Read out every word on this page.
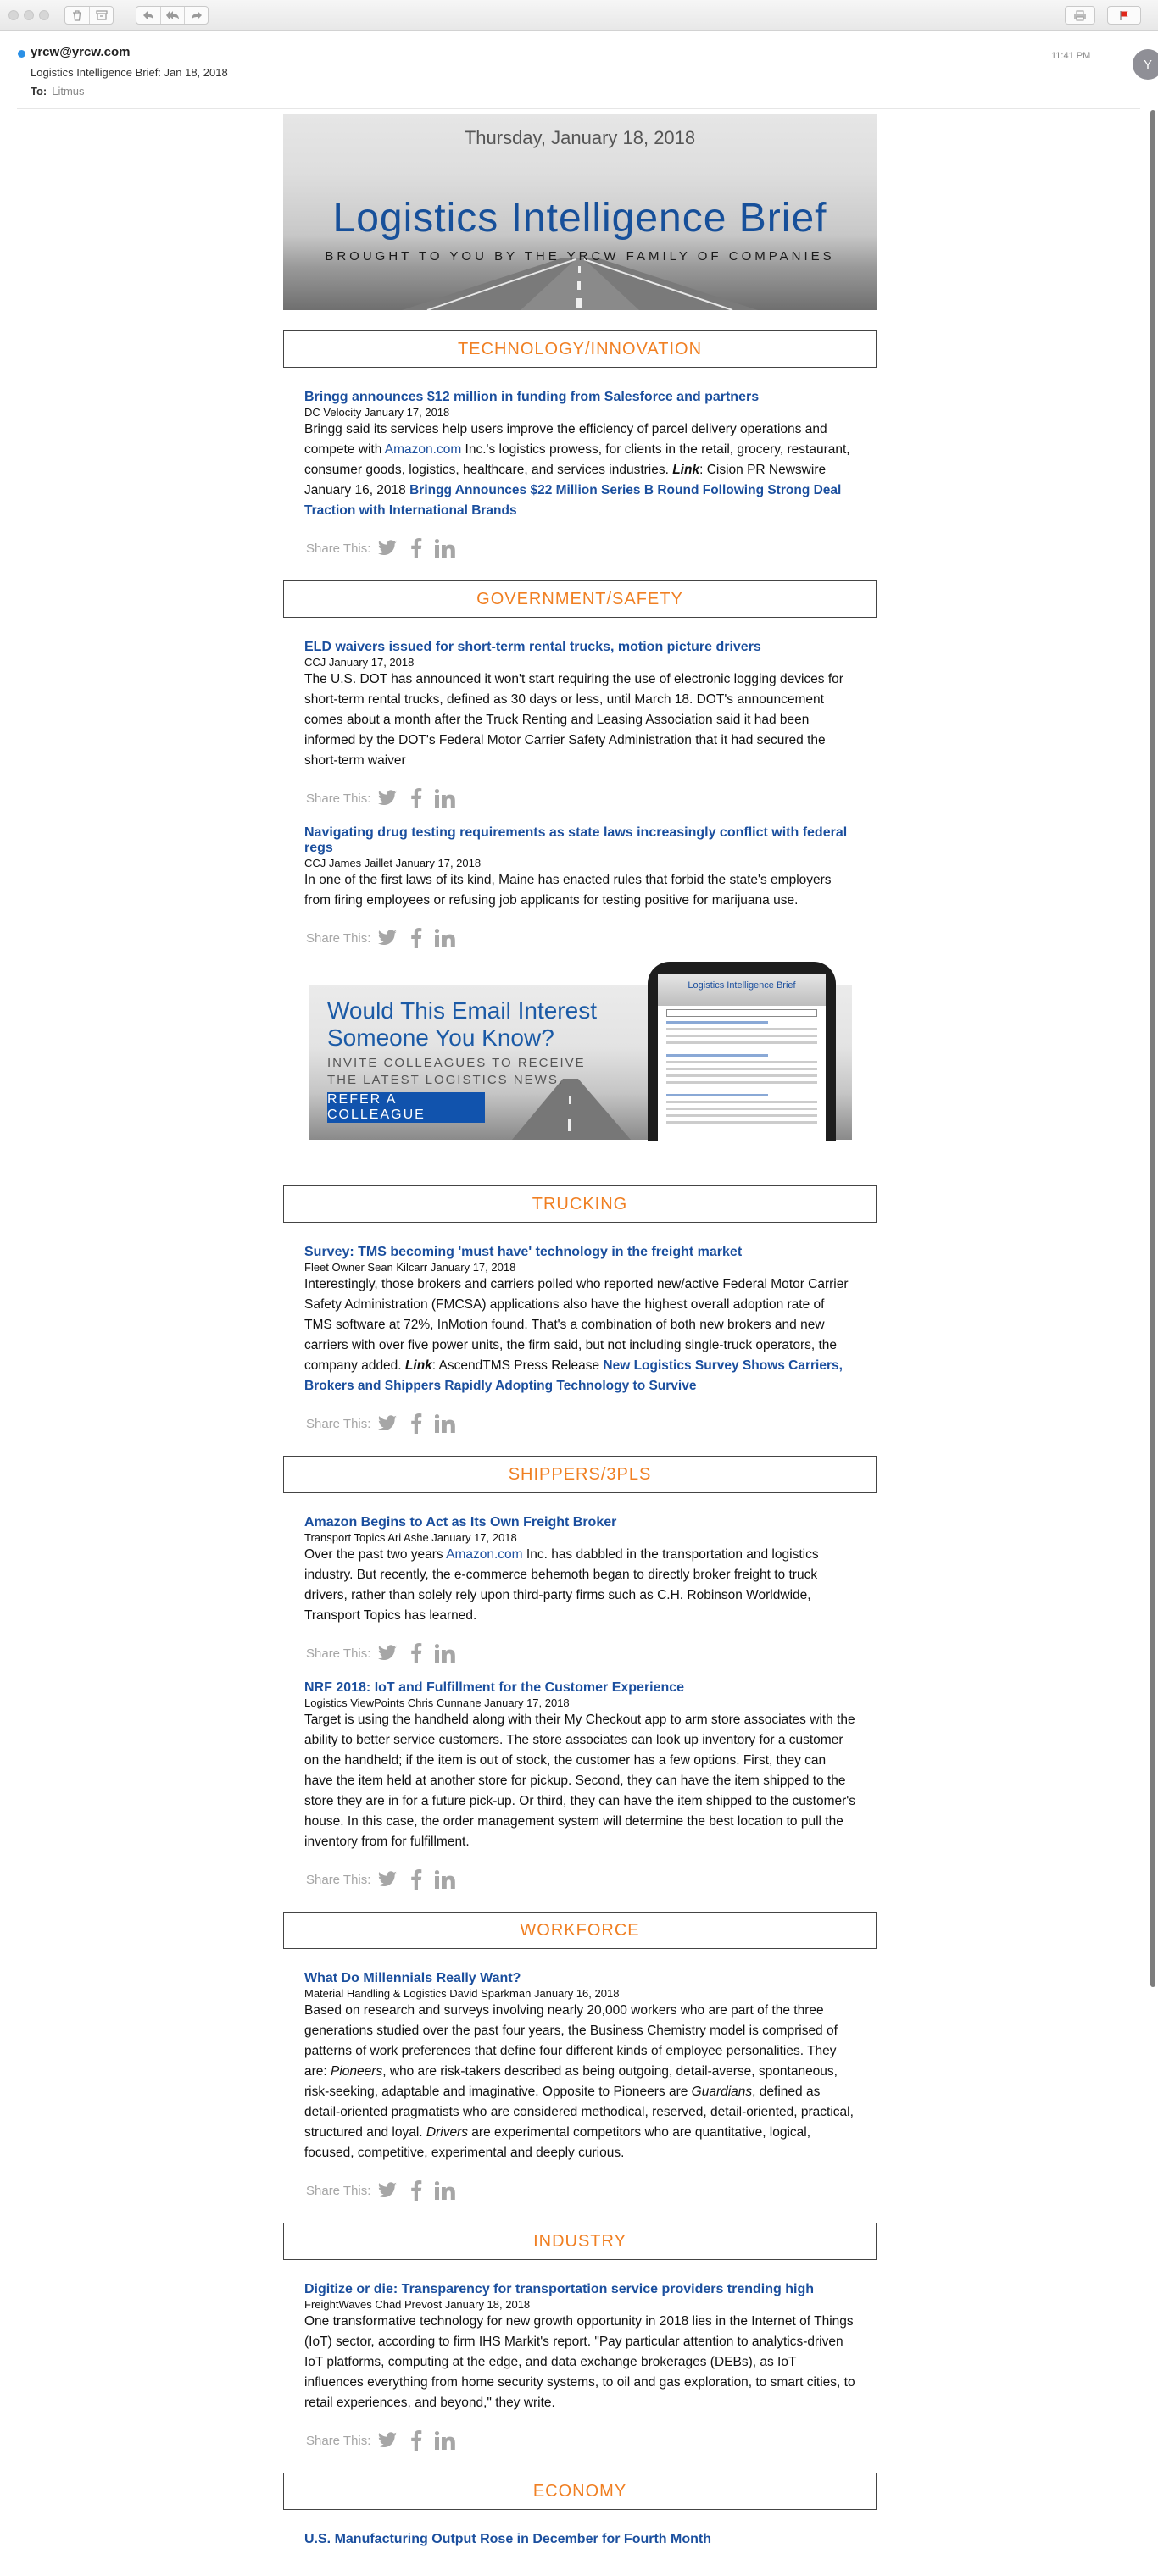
yrcw@yrcw.com
Logistics Intelligence Brief: Jan 18, 2018
To: Litmus
11:41 PM
Y
Thursday, January 18, 2018
Logistics Intelligence Brief
BROUGHT TO YOU BY THE YRCW FAMILY OF COMPANIES
TECHNOLOGY/INNOVATION
Bringg announces $12 million in funding from Salesforce and partners
DC Velocity January 17, 2018
Bringg said its services help users improve the efficiency of parcel delivery operations and compete with Amazon.com Inc.'s logistics prowess, for clients in the retail, grocery, restaurant, consumer goods, logistics, healthcare, and services industries. Link: Cision PR Newswire January 16, 2018 Bringg Announces $22 Million Series B Round Following Strong Deal Traction with International Brands
Share This:
GOVERNMENT/SAFETY
ELD waivers issued for short-term rental trucks, motion picture drivers
CCJ January 17, 2018
The U.S. DOT has announced it won't start requiring the use of electronic logging devices for short-term rental trucks, defined as 30 days or less, until March 18. DOT's announcement comes about a month after the Truck Renting and Leasing Association said it had been informed by the DOT's Federal Motor Carrier Safety Administration that it had secured the short-term waiver
Share This:
Navigating drug testing requirements as state laws increasingly conflict with federal regs
CCJ James Jaillet January 17, 2018
In one of the first laws of its kind, Maine has enacted rules that forbid the state's employers from firing employees or refusing job applicants for testing positive for marijuana use.
Share This:
Would This Email Interest
Someone You Know?
INVITE COLLEAGUES TO RECEIVE
THE LATEST LOGISTICS NEWS.
REFER A COLLEAGUE
Logistics Intelligence Brief
TRUCKING
Survey: TMS becoming 'must have' technology in the freight market
Fleet Owner Sean Kilcarr January 17, 2018
Interestingly, those brokers and carriers polled who reported new/active Federal Motor Carrier Safety Administration (FMCSA) applications also have the highest overall adoption rate of TMS software at 72%, InMotion found. That's a combination of both new brokers and new carriers with over five power units, the firm said, but not including single-truck operators, the company added. Link: AscendTMS Press Release New Logistics Survey Shows Carriers, Brokers and Shippers Rapidly Adopting Technology to Survive
Share This:
SHIPPERS/3PLS
Amazon Begins to Act as Its Own Freight Broker
Transport Topics Ari Ashe January 17, 2018
Over the past two years Amazon.com Inc. has dabbled in the transportation and logistics industry. But recently, the e-commerce behemoth began to directly broker freight to truck drivers, rather than solely rely upon third-party firms such as C.H. Robinson Worldwide, Transport Topics has learned.
Share This:
NRF 2018: IoT and Fulfillment for the Customer Experience
Logistics ViewPoints Chris Cunnane January 17, 2018
Target is using the handheld along with their My Checkout app to arm store associates with the ability to better service customers. The store associates can look up inventory for a customer on the handheld; if the item is out of stock, the customer has a few options. First, they can have the item held at another store for pickup. Second, they can have the item shipped to the store they are in for a future pick-up. Or third, they can have the item shipped to the customer's house. In this case, the order management system will determine the best location to pull the inventory from for fulfillment.
Share This:
WORKFORCE
What Do Millennials Really Want?
Material Handling & Logistics David Sparkman January 16, 2018
Based on research and surveys involving nearly 20,000 workers who are part of the three generations studied over the past four years, the Business Chemistry model is comprised of patterns of work preferences that define four different kinds of employee personalities. They are: Pioneers, who are risk-takers described as being outgoing, detail-averse, spontaneous, risk-seeking, adaptable and imaginative. Opposite to Pioneers are Guardians, defined as detail-oriented pragmatists who are considered methodical, reserved, detail-oriented, practical, structured and loyal. Drivers are experimental competitors who are quantitative, logical, focused, competitive, experimental and deeply curious.
Share This:
INDUSTRY
Digitize or die: Transparency for transportation service providers trending high
FreightWaves Chad Prevost January 18, 2018
One transformative technology for new growth opportunity in 2018 lies in the Internet of Things (IoT) sector, according to firm IHS Markit's report. "Pay particular attention to analytics-driven IoT platforms, computing at the edge, and data exchange brokerages (DEBs), as IoT influences everything from home security systems, to oil and gas exploration, to smart cities, to retail experiences, and beyond," they write.
Share This:
ECONOMY
U.S. Manufacturing Output Rose in December for Fourth Month
